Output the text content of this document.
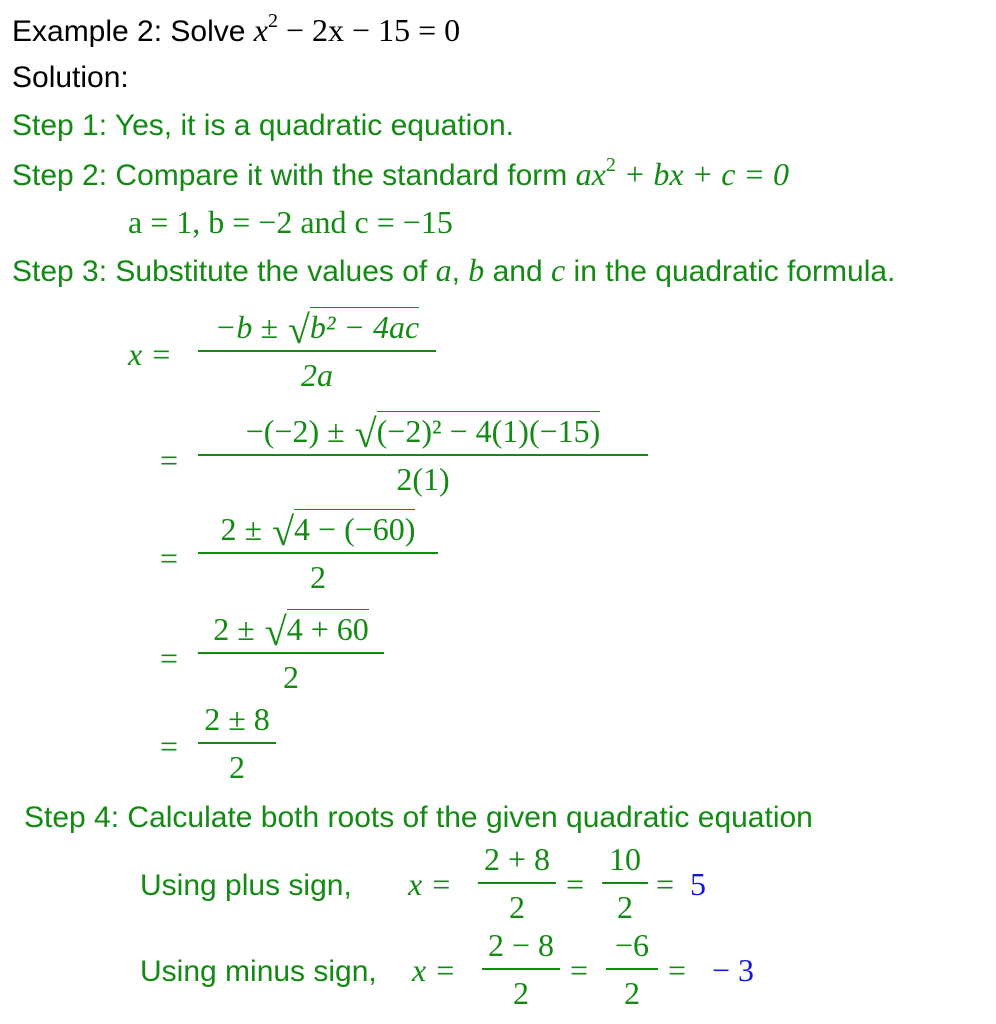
Example 2: Solve $x^2 - 2x - 15 = 0$
Solution:
Step 1: Yes, it is a quadratic equation.
Step 2: Compare it with the standard form $ax^2$ + bx + c = 0
a = 1, b = −2 and c = −15
Step 3: Substitute the values of a, b and c in the quadratic formula.
x =
−b ± √b² − 4ac
2a
=
−(−2) ± √(−2)² − 4(1)(−15)
2(1)
=
2 ± √4 − (−60)
2
=
2 ± √4 + 60
2
=
2 ± 8
2
Step 4: Calculate both roots of the given quadratic equation
Using plus sign, x =
2 + 8
2
=
10
2
= 5
Using minus sign, x =
2 − 8
2
=
−6
2
= − 3
